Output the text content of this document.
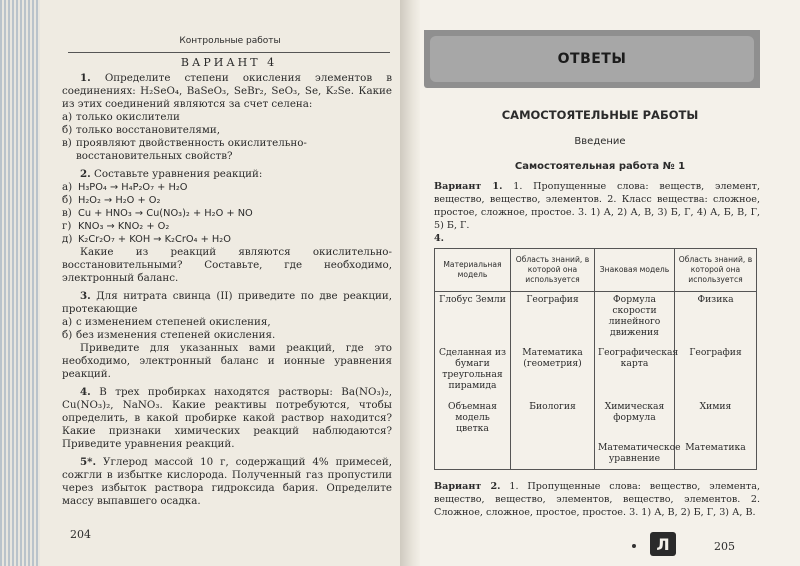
Контрольные работы
ВАРИАНТ 4

1. Определите степени окисления элементов в соединениях: H₂SeO₄, BaSeO₃, SeBr₂, SeO₃, Se, K₂Se. Какие из этих соединений являются за счет селена:

а) только окислители
б) только восстановителями,
в) проявляют двойственность окислительно-восстановительных свойств?

2. Составьте уравнения реакций:

а) H₃PO₄ → H₄P₂O₇ + H₂O
б) H₂O₂ → H₂O + O₂
в) Cu + HNO₃ → Cu(NO₃)₂ + H₂O + NO
г) KNO₃ → KNO₂ + O₂
д) K₂Cr₂O₇ + KOH → K₂CrO₄ + H₂O

Какие из реакций являются окислительно-восстановительными? Составьте, где необходимо, электронный баланс.

3. Для нитрата свинца (II) приведите по две реакции, протекающие

а) с изменением степеней окисления,
б) без изменения степеней окисления.

Приведите для указанных вами реакций, где это необходимо, электронный баланс и ионные уравнения реакций.

4. В трех пробирках находятся растворы: Ba(NO₃)₂, Cu(NO₃)₂, NaNO₃. Какие реактивы потребуются, чтобы определить, в какой пробирке какой раствор находится? Какие признаки химических реакций наблюдаются? Приведите уравнения реакций.

5*. Углерод массой 10 г, содержащий 4% примесей, сожгли в избытке кислорода. Полученный газ пропустили через избыток раствора гидроксида бария. Определите массу выпавшего осадка.

204
ОТВЕТЫ
САМОСТОЯТЕЛЬНЫЕ РАБОТЫ
Введение
Самостоятельная работа № 1

Вариант 1. 1. Пропущенные слова: веществ, элемент, вещество, вещество, элементов. 2. Класс вещества: сложное, простое, сложное, простое. 3. 1) А, 2) А, В, 3) Б, Г, 4) А, Б, В, Г, 5) Б, Г.

4.

Материальная модель	Область знаний, в которой она используется	Знаковая модель	Область знаний, в которой она используется
Глобус Земли	География	Формула скорости линейного движения	Физика
Сделанная из бумаги треугольная пирамида	Математика (геометрия)	Географическая карта	География
Объемная модель цветка	Биология	Химическая формула	Химия
		Математическое уравнение	Математика

Вариант 2. 1. Пропущенные слова: вещество, элемента, вещество, вещество, элементов, вещество, элементов. 2. Сложное, сложное, простое, простое. 3. 1) А, В, 2) Б, Г, 3) А, В.

Л	205
